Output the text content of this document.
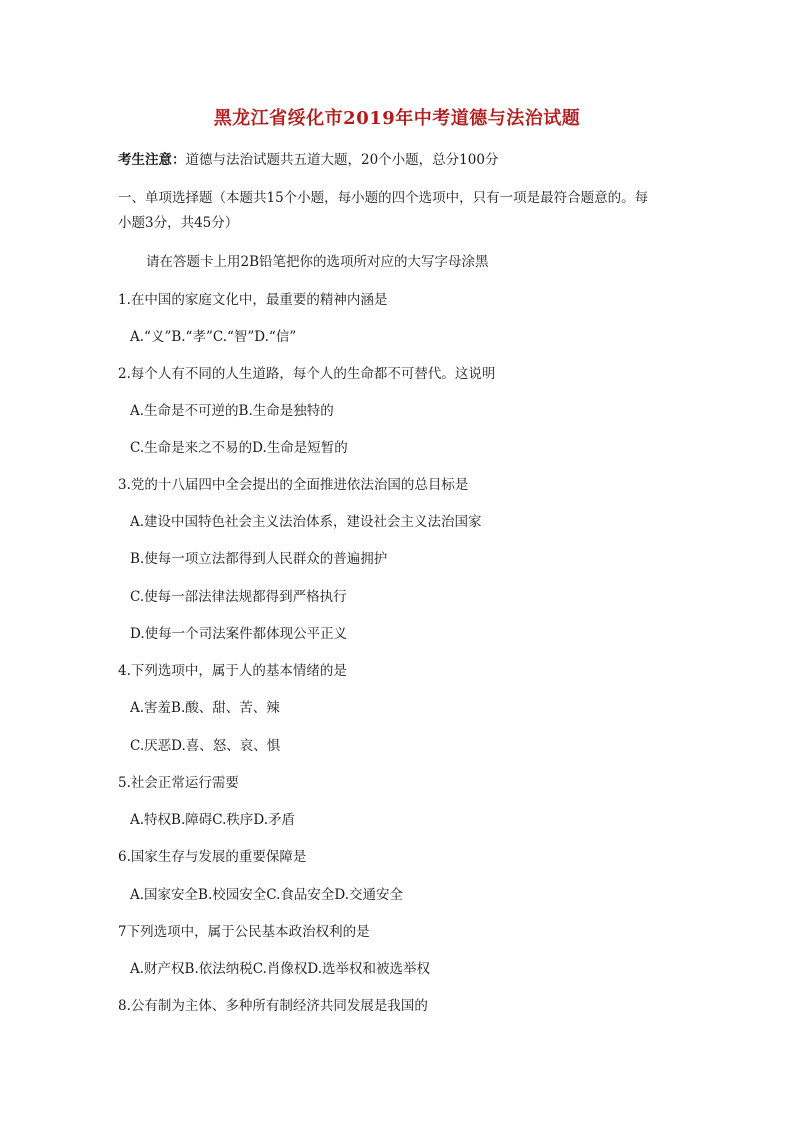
黑龙江省绥化市2019年中考道德与法治试题
考生注意：道德与法治试题共五道大题，20个小题，总分100分
一、单项选择题（本题共15个小题，每小题的四个选项中，只有一项是最符合题意的。每
小题3分，共45分）
请在答题卡上用2B铅笔把你的选项所对应的大写字母涂黑
1.在中国的家庭文化中，最重要的精神内涵是
A.“义”B.“孝”C.“智”D.“信”
2.每个人有不同的人生道路，每个人的生命都不可替代。这说明
A.生命是不可逆的B.生命是独特的
C.生命是来之不易的D.生命是短暂的
3.党的十八届四中全会提出的全面推进依法治国的总目标是
A.建设中国特色社会主义法治体系，建设社会主义法治国家
B.使每一项立法都得到人民群众的普遍拥护
C.使每一部法律法规都得到严格执行
D.使每一个司法案件都体现公平正义
4.下列选项中，属于人的基本情绪的是
A.害羞B.酸、甜、苦、辣
C.厌恶D.喜、怒、哀、惧
5.社会正常运行需要
A.特权B.障碍C.秩序D.矛盾
6.国家生存与发展的重要保障是
A.国家安全B.校园安全C.食品安全D.交通安全
7下列选项中，属于公民基本政治权利的是
A.财产权B.依法纳税C.肖像权D.选举权和被选举权
8.公有制为主体、多种所有制经济共同发展是我国的
